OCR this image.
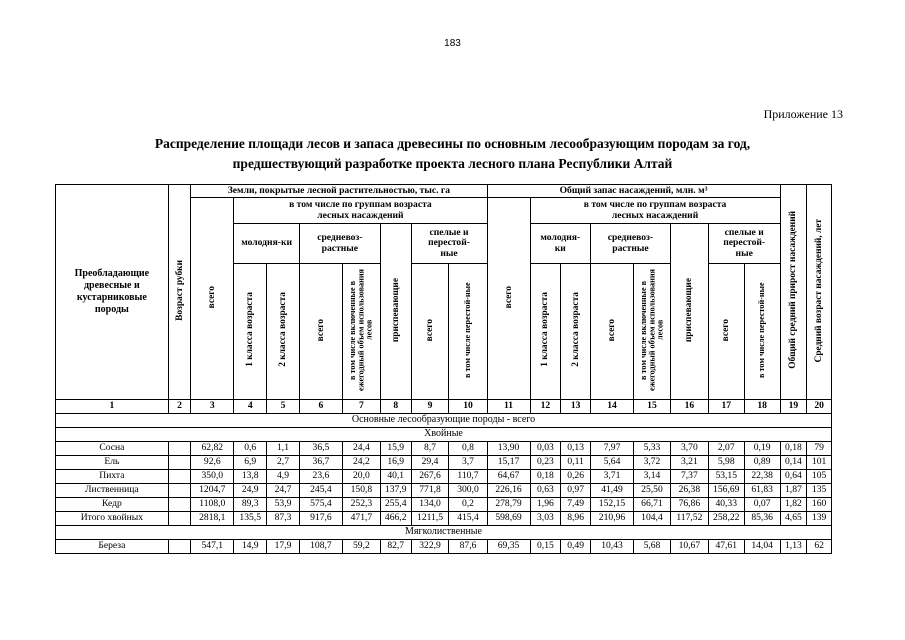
183
Приложение 13
Распределение площади лесов и запаса древесины по основным лесообразующим породам за год,
предшествующий разработке проекта лесного плана Республики Алтай
Преобладающие древесные и кустарниковые породы	Возраст рубки	Земли, покрытые лесной растительностью, тыс. га								Общий запас насаждений, млн. м³								Общий средний прирост насаждений	Средний возраст насаждений, лет
		всего	в том числе по группам возраста лесных насаждений							всего	в том числе по группам возраста лесных насаждений								
			молодня-ки		средневоз-растные		приспевающие	спелые и перестой-ные			молодня-ки		средневоз-растные		приспевающие	спелые и перестой-ные			
			1 класса возраста	2 класса возраста	всего	в том числе включенные в ежегодный объем использования лесов		всего	в том числе перестой-ные		1 класса возраста	2 класса возраста	всего	в том числе включенные в ежегодный объем использования лесов		всего	в том числе перестой-ные		
1	2	3	4	5	6	7	8	9	10	11	12	13	14	15	16	17	18	19	20
Основные лесообразующие породы - всего																			
Хвойные																			
Сосна		62,82	0,6	1,1	36,5	24,4	15,9	8,7	0,8	13,90	0,03	0,13	7,97	5,33	3,70	2,07	0,19	0,18	79
Ель		92,6	6,9	2,7	36,7	24,2	16,9	29,4	3,7	15,17	0,23	0,11	5,64	3,72	3,21	5,98	0,89	0,14	101
Пихта		350,0	13,8	4,9	23,6	20,0	40,1	267,6	110,7	64,67	0,18	0,26	3,71	3,14	7,37	53,15	22,38	0,64	105
Лиственница		1204,7	24,9	24,7	245,4	150,8	137,9	771,8	300,0	226,16	0,63	0,97	41,49	25,50	26,38	156,69	61,83	1,87	135
Кедр		1108,0	89,3	53,9	575,4	252,3	255,4	134,0	0,2	278,79	1,96	7,49	152,15	66,71	76,86	40,33	0,07	1,82	160
Итого хвойных		2818,1	135,5	87,3	917,6	471,7	466,2	1211,5	415,4	598,69	3,03	8,96	210,96	104,4	117,52	258,22	85,36	4,65	139
Мягколиственные																			
Береза		547,1	14,9	17,9	108,7	59,2	82,7	322,9	87,6	69,35	0,15	0,49	10,43	5,68	10,67	47,61	14,04	1,13	62
